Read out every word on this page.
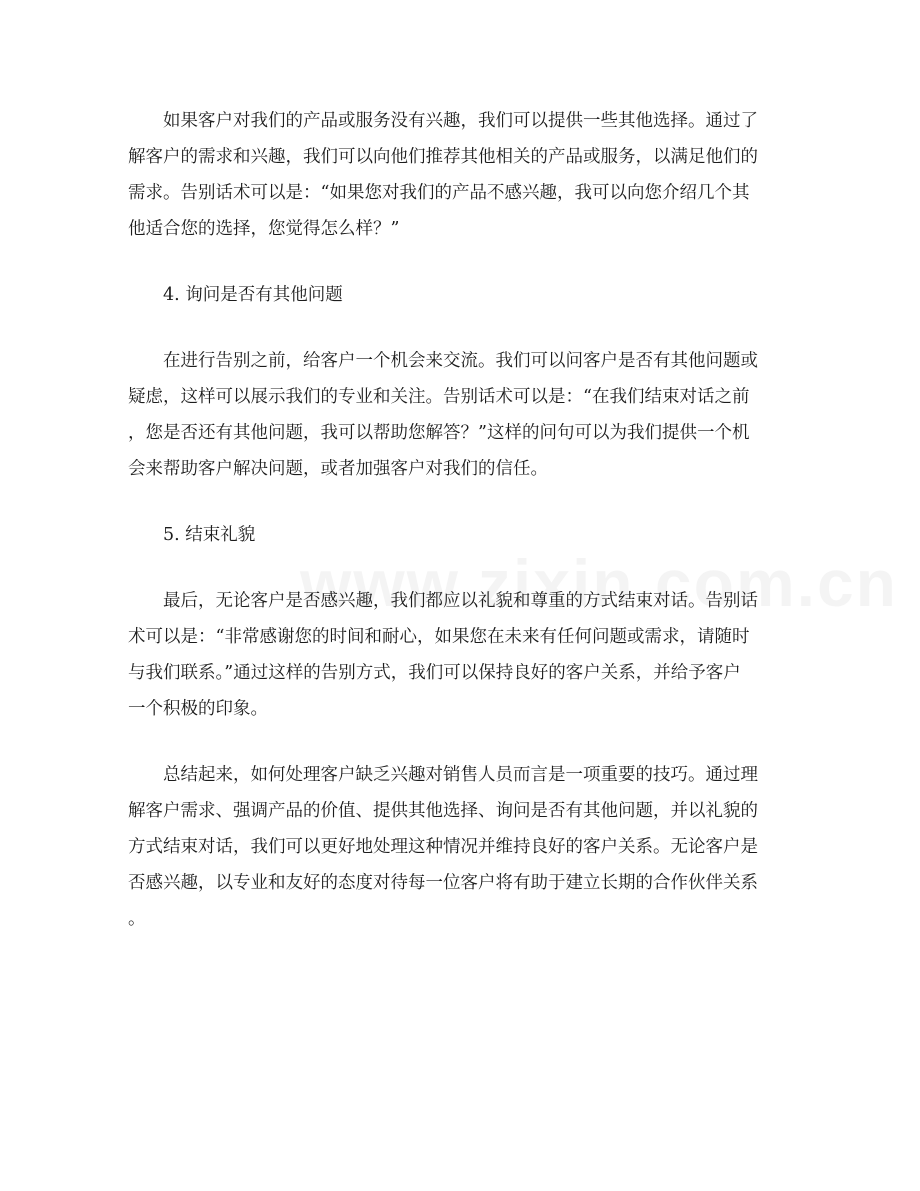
如果客户对我们的产品或服务没有兴趣，我们可以提供一些其他选择。通过了
解客户的需求和兴趣，我们可以向他们推荐其他相关的产品或服务，以满足他们的
需求。告别话术可以是：“如果您对我们的产品不感兴趣，我可以向您介绍几个其
他适合您的选择，您觉得怎么样？”
4. 询问是否有其他问题
在进行告别之前，给客户一个机会来交流。我们可以问客户是否有其他问题或
疑虑，这样可以展示我们的专业和关注。告别话术可以是：“在我们结束对话之前
，您是否还有其他问题，我可以帮助您解答？”这样的问句可以为我们提供一个机
会来帮助客户解决问题，或者加强客户对我们的信任。
5. 结束礼貌
最后，无论客户是否感兴趣，我们都应以礼貌和尊重的方式结束对话。告别话
术可以是：“非常感谢您的时间和耐心，如果您在未来有任何问题或需求，请随时
与我们联系。”通过这样的告别方式，我们可以保持良好的客户关系，并给予客户
一个积极的印象。
总结起来，如何处理客户缺乏兴趣对销售人员而言是一项重要的技巧。通过理
解客户需求、强调产品的价值、提供其他选择、询问是否有其他问题，并以礼貌的
方式结束对话，我们可以更好地处理这种情况并维持良好的客户关系。无论客户是
否感兴趣，以专业和友好的态度对待每一位客户将有助于建立长期的合作伙伴关系
。
